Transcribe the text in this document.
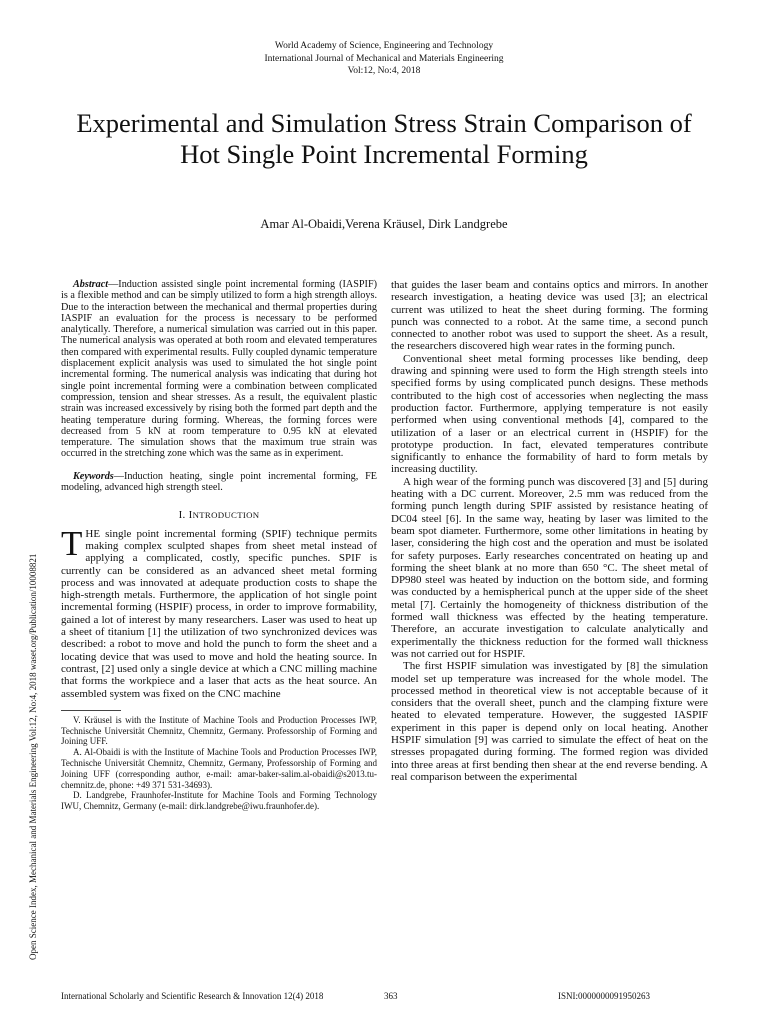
World Academy of Science, Engineering and Technology
International Journal of Mechanical and Materials Engineering
Vol:12, No:4, 2018
Experimental and Simulation Stress Strain Comparison of Hot Single Point Incremental Forming
Amar Al-Obaidi,Verena Kräusel, Dirk Landgrebe
Open Science Index, Mechanical and Materials Engineering Vol:12, No:4, 2018 waset.org/Publication/10008821

Abstract—Induction assisted single point incremental forming (IASPIF) is a flexible method and can be simply utilized to form a high strength alloys. Due to the interaction between the mechanical and thermal properties during IASPIF an evaluation for the process is necessary to be performed analytically. Therefore, a numerical simulation was carried out in this paper. The numerical analysis was operated at both room and elevated temperatures then compared with experimental results. Fully coupled dynamic temperature displacement explicit analysis was used to simulated the hot single point incremental forming. The numerical analysis was indicating that during hot single point incremental forming were a combination between complicated compression, tension and shear stresses. As a result, the equivalent plastic strain was increased excessively by rising both the formed part depth and the heating temperature during forming. Whereas, the forming forces were decreased from 5 kN at room temperature to 0.95 kN at elevated temperature. The simulation shows that the maximum true strain was occurred in the stretching zone which was the same as in experiment.

Keywords—Induction heating, single point incremental forming, FE modeling, advanced high strength steel.

I. INTRODUCTION

THE single point incremental forming (SPIF) technique permits making complex sculpted shapes from sheet metal instead of applying a complicated, costly, specific punches. SPIF is currently can be considered as an advanced sheet metal forming process and was innovated at adequate production costs to shape the high-strength metals. Furthermore, the application of hot single point incremental forming (HSPIF) process, in order to improve formability, gained a lot of interest by many researchers. Laser was used to heat up a sheet of titanium [1] the utilization of two synchronized devices was described: a robot to move and hold the punch to form the sheet and a locating device that was used to move and hold the heating source. In contrast, [2] used only a single device at which a CNC milling machine that forms the workpiece and a laser that acts as the heat source. An assembled system was fixed on the CNC machine

V. Kräusel is with the Institute of Machine Tools and Production Processes IWP, Technische Universität Chemnitz, Chemnitz, Germany. Professorship of Forming and Joining UFF.

A. Al-Obaidi is with the Institute of Machine Tools and Production Processes IWP, Technische Universität Chemnitz, Chemnitz, Germany, Professorship of Forming and Joining UFF (corresponding author, e-mail: amar-baker-salim.al-obaidi@s2013.tu-chemnitz.de, phone: +49 371 531-34693).

D. Landgrebe, Fraunhofer-Institute for Machine Tools and Forming Technology IWU, Chemnitz, Germany (e-mail: dirk.landgrebe@iwu.fraunhofer.de).

that guides the laser beam and contains optics and mirrors. In another research investigation, a heating device was used [3]; an electrical current was utilized to heat the sheet during forming. The forming punch was connected to a robot. At the same time, a second punch connected to another robot was used to support the sheet. As a result, the researchers discovered high wear rates in the forming punch.

Conventional sheet metal forming processes like bending, deep drawing and spinning were used to form the High strength steels into specified forms by using complicated punch designs. These methods contributed to the high cost of accessories when neglecting the mass production factor. Furthermore, applying temperature is not easily performed when using conventional methods [4], compared to the utilization of a laser or an electrical current in (HSPIF) for the prototype production. In fact, elevated temperatures contribute significantly to enhance the formability of hard to form metals by increasing ductility.

A high wear of the forming punch was discovered [3] and [5] during heating with a DC current. Moreover, 2.5 mm was reduced from the forming punch length during SPIF assisted by resistance heating of DC04 steel [6]. In the same way, heating by laser was limited to the beam spot diameter. Furthermore, some other limitations in heating by laser, considering the high cost and the operation and must be isolated for safety purposes. Early researches concentrated on heating up and forming the sheet blank at no more than 650 °C. The sheet metal of DP980 steel was heated by induction on the bottom side, and forming was conducted by a hemispherical punch at the upper side of the sheet metal [7]. Certainly the homogeneity of thickness distribution of the formed wall thickness was effected by the heating temperature. Therefore, an accurate investigation to calculate analytically and experimentally the thickness reduction for the formed wall thickness was not carried out for HSPIF.

The first HSPIF simulation was investigated by [8] the simulation model set up temperature was increased for the whole model. The processed method in theoretical view is not acceptable because of it considers that the overall sheet, punch and the clamping fixture were heated to elevated temperature. However, the suggested IASPIF experiment in this paper is depend only on local heating. Another HSPIF simulation [9] was carried to simulate the effect of heat on the stresses propagated during forming. The formed region was divided into three areas at first bending then shear at the end reverse bending. A real comparison between the experimental

International Scholarly and Scientific Research & Innovation 12(4) 2018	363	ISNI:0000000091950263
